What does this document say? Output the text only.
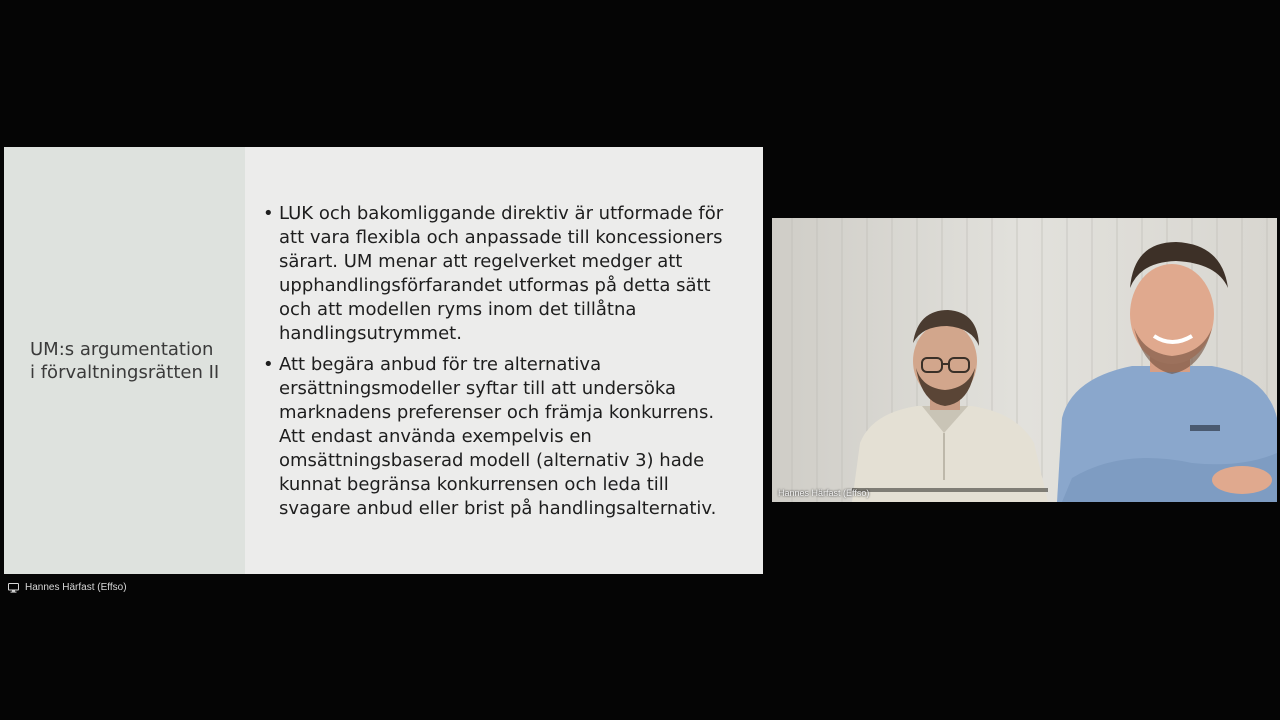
UM:s argumentation
i förvaltningsrätten II
• LUK och bakomliggande direktiv är utformade för
att vara flexibla och anpassade till koncessioners
särart. UM menar att regelverket medger att
upphandlingsförfarandet utformas på detta sätt
och att modellen ryms inom det tillåtna
handlingsutrymmet.
• Att begära anbud för tre alternativa
ersättningsmodeller syftar till att undersöka
marknadens preferenser och främja konkurrens.
Att endast använda exempelvis en
omsättningsbaserad modell (alternativ 3) hade
kunnat begränsa konkurrensen och leda till
svagare anbud eller brist på handlingsalternativ.
Hannes Härfast (Effso)
Hannes Härfast (Effso)
